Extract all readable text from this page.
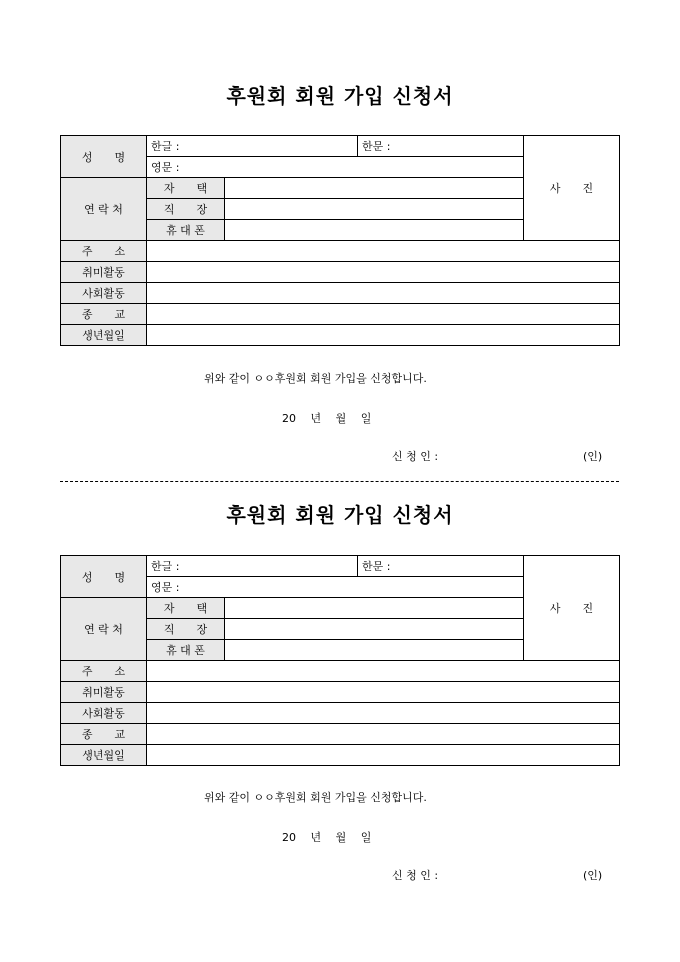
후원회 회원 가입 신청서
성　　명	한글 :		한문 :	사　　진
	영문 :			
연 락 처	자　　택			
	직　　장			
	휴 대 폰			
주　　소				
취미활동				
사회활동				
종　　교				
생년월일				
위와 같이 ㅇㅇ후원회 회원 가입을 신청합니다.
20　 년　 월　 일
신 청 인 :	(인)
후원회 회원 가입 신청서
성　　명	한글 :		한문 :	사　　진
	영문 :			
연 락 처	자　　택			
	직　　장			
	휴 대 폰			
주　　소				
취미활동				
사회활동				
종　　교				
생년월일				
위와 같이 ㅇㅇ후원회 회원 가입을 신청합니다.
20　 년　 월　 일
신 청 인 :	(인)
